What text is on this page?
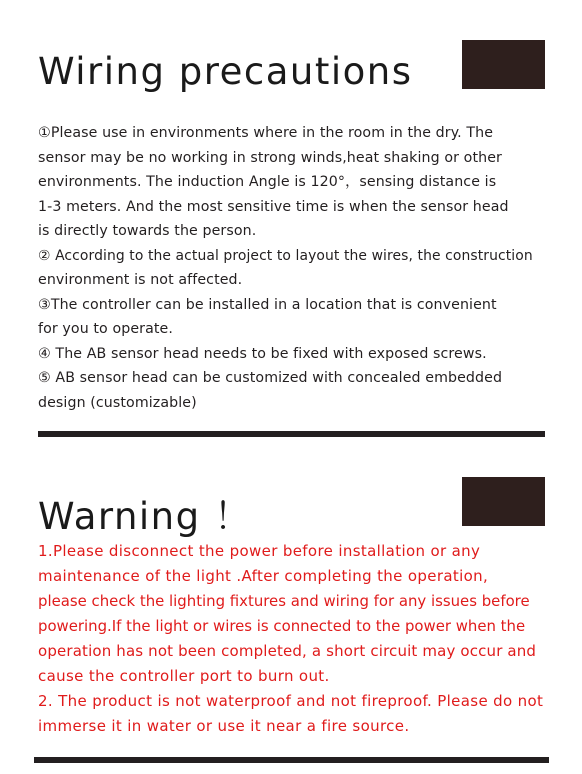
Wiring precautions
①Please use in environments where in the room in the dry. The
sensor may be no working in strong winds,heat shaking or other
environments. The induction Angle is 120°，sensing distance is
1-3 meters. And the most sensitive time is when the sensor head
is directly towards the person.
② According to the actual project to layout the wires, the construction
environment is not affected.
③The controller can be installed in a location that is convenient
for you to operate.
④ The AB sensor head needs to be fixed with exposed screws.
⑤ AB sensor head can be customized with concealed embedded
design (customizable)
Warning ！
1.Please disconnect the power before installation or any
maintenance of the light .After completing the operation,
please check the lighting fixtures and wiring for any issues before
powering.If the light or wires is connected to the power when the
operation has not been completed, a short circuit may occur and
cause the controller port to burn out.
2. The product is not waterproof and not fireproof. Please do not
immerse it in water or use it near a fire source.
